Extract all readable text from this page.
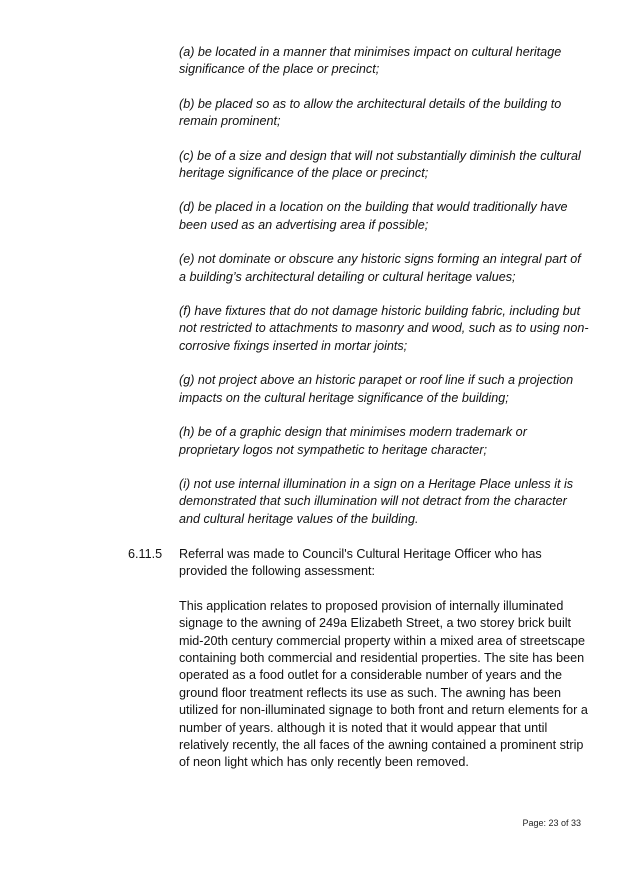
(a) be located in a manner that minimises impact on cultural heritage significance of the place or precinct;
(b) be placed so as to allow the architectural details of the building to remain prominent;
(c) be of a size and design that will not substantially diminish the cultural heritage significance of the place or precinct;
(d) be placed in a location on the building that would traditionally have been used as an advertising area if possible;
(e) not dominate or obscure any historic signs forming an integral part of a building’s architectural detailing or cultural heritage values;
(f) have fixtures that do not damage historic building fabric, including but not restricted to attachments to masonry and wood, such as to using non-corrosive fixings inserted in mortar joints;
(g) not project above an historic parapet or roof line if such a projection impacts on the cultural heritage significance of the building;
(h) be of a graphic design that minimises modern trademark or proprietary logos not sympathetic to heritage character;
(i) not use internal illumination in a sign on a Heritage Place unless it is demonstrated that such illumination will not detract from the character and cultural heritage values of the building.
6.11.5 Referral was made to Council's Cultural Heritage Officer who has provided the following assessment:

This application relates to proposed provision of internally illuminated signage to the awning of 249a Elizabeth Street, a two storey brick built mid-20th century commercial property within a mixed area of streetscape containing both commercial and residential properties. The site has been operated as a food outlet for a considerable number of years and the ground floor treatment reflects its use as such. The awning has been utilized for non-illuminated signage to both front and return elements for a number of years. although it is noted that it would appear that until relatively recently, the all faces of the awning contained a prominent strip of neon light which has only recently been removed.

Page: 23 of 33
